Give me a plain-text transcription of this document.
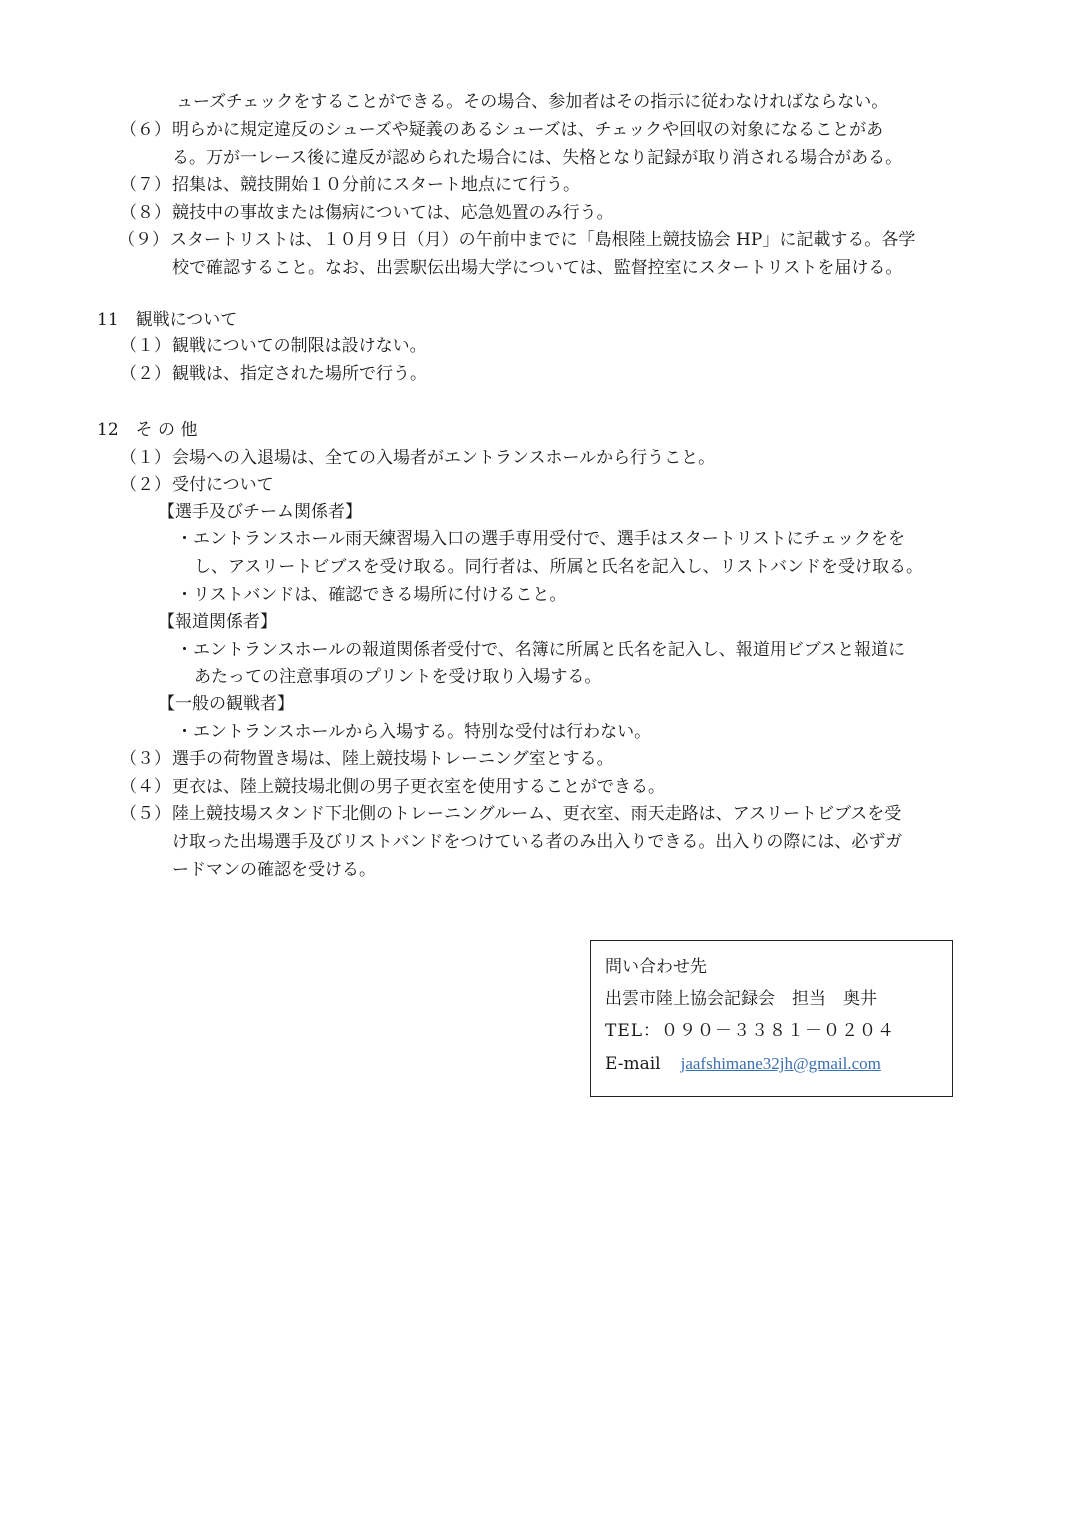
ューズチェックをすることができる。その場合、参加者はその指示に従わなければならない。
（６） 明らかに規定違反のシューズや疑義のあるシューズは、チェックや回収の対象になることがあ
る。万が一レース後に違反が認められた場合には、失格となり記録が取り消される場合がある。
（７） 招集は、競技開始１０分前にスタート地点にて行う。
（８） 競技中の事故または傷病については、応急処置のみ行う。
（９） スタートリストは、１０月９日（月）の午前中までに「島根陸上競技協会 HP」に記載する。各学
校で確認すること。なお、出雲駅伝出場大学については、監督控室にスタートリストを届ける。
11　観戦について
（１） 観戦についての制限は設けない。
（２） 観戦は、指定された場所で行う。
12　そ の 他
（１） 会場への入退場は、全ての入場者がエントランスホールから行うこと。
（２） 受付について
【選手及びチーム関係者】
・エントランスホール雨天練習場入口の選手専用受付で、選手はスタートリストにチェックをを
し、アスリートビブスを受け取る。同行者は、所属と氏名を記入し、リストバンドを受け取る。
・リストバンドは、確認できる場所に付けること。
【報道関係者】
・エントランスホールの報道関係者受付で、名簿に所属と氏名を記入し、報道用ビブスと報道に
あたっての注意事項のプリントを受け取り入場する。
【一般の観戦者】
・エントランスホールから入場する。特別な受付は行わない。
（３） 選手の荷物置き場は、陸上競技場トレーニング室とする。
（４） 更衣は、陸上競技場北側の男子更衣室を使用することができる。
（５） 陸上競技場スタンド下北側のトレーニングルーム、更衣室、雨天走路は、アスリートビブスを受
け取った出場選手及びリストバンドをつけている者のみ出入りできる。出入りの際には、必ずガ
ードマンの確認を受ける。
問い合わせ先
出雲市陸上協会記録会　担当　奥井
TEL：０９０－３３８１－０２０４
E-mail jaafshimane32jh@gmail.com
